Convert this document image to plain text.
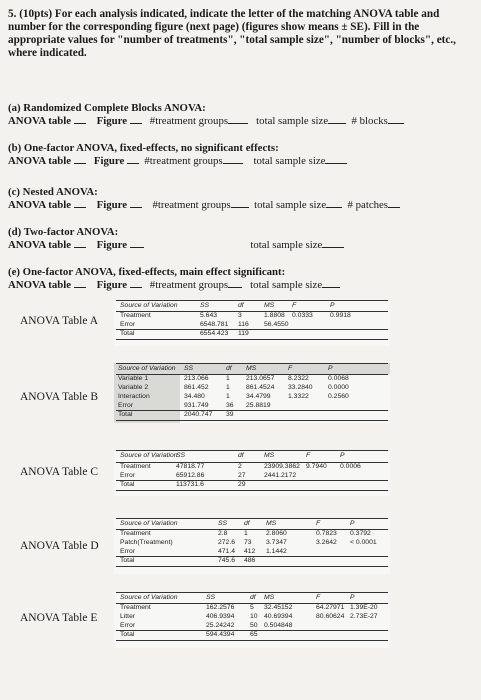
5. (10pts) For each analysis indicated, indicate the letter of the matching ANOVA table and
number for the corresponding figure (next page) (figures show means ± SE). Fill in the
appropriate values for "number of treatments", "total sample size", "number of blocks", etc.,
where indicated.
(a) Randomized Complete Blocks ANOVA:
ANOVA table Figure #treatment groups	total sample size # blocks
(b) One-factor ANOVA, fixed-effects, no significant effects:
ANOVA table Figure #treatment groups	total sample size
(c) Nested ANOVA:
ANOVA table Figure #treatment groups total sample size # patches
(d) Two-factor ANOVA:
ANOVA table Figure	total sample size
(e) One-factor ANOVA, fixed-effects, main effect significant:
ANOVA table Figure #treatment groups total sample size
ANOVA Table A
ANOVA Table B
ANOVA Table C
ANOVA Table D
ANOVA Table E
Source of Variation	SS	df	MS	F	P
Treatment	5.643	3	1.8808 0.0333	0.9918
Error	6548.781 116 56.4550
Total	6554.423 119
Source of Variation SS	df MS	F	P
Variable 1	213.066	1 213.0657 8.2322	0.0068
Variable 2	861.452	1 861.4524 33.2840 0.0000
Interaction	34.480	1 34.4799	1.3322	0.2560
Error	931.749	36 25.8819
Total	2040.747 39
Source of Variation
SS	df	MS	F	P
Treatment	47818.77	2	23909.3862 9.7940 0.0006
Error	65912.86	27	2441.2172
Total	113731.6	29
Source of Variation	SS df MS	F	P
Treatment	2.8 1	2.8060	0.7823 0.3792
Patch(Treatment)	272.6 73 3.7347	3.2642 < 0.0001
Error	471.4 412 1.1442
Total	745.6 486
Source of Variation	SS	df MS	F	P
Treatment	162.2576 5 32.45152	64.27971 1.39E-20
Litter	406.9394 10 40.69394	80.60624 2.73E-27
Error	25.24242 50 0.504848
Total	594.4394 65
